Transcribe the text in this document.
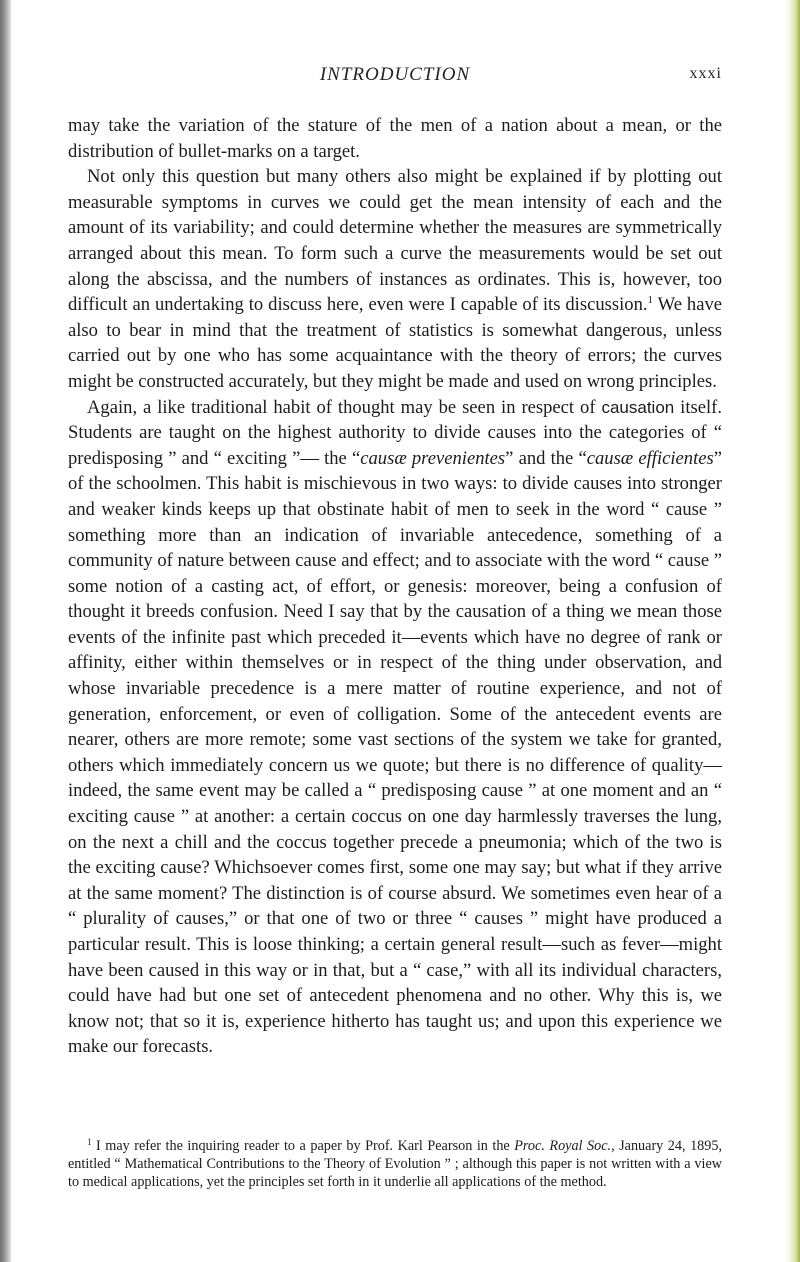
INTRODUCTION	xxxi

may take the variation of the stature of the men of a nation about a mean, or the distribution of bullet-marks on a target.

Not only this question but many others also might be explained if by plotting out measurable symptoms in curves we could get the mean intensity of each and the amount of its variability; and could determine whether the measures are symmetrically arranged about this mean. To form such a curve the measurements would be set out along the abscissa, and the numbers of instances as ordinates. This is, however, too difficult an undertaking to discuss here, even were I capable of its discussion.$^1$ We have also to bear in mind that the treatment of statistics is somewhat dangerous, unless carried out by one who has some acquaintance with the theory of errors; the curves might be constructed accurately, but they might be made and used on wrong principles.

Again, a like traditional habit of thought may be seen in respect of causation itself. Students are taught on the highest authority to divide causes into the categories of “ predisposing ” and “ exciting ”— the “causæ prevenientes” and the “causæ efficientes” of the schoolmen. This habit is mischievous in two ways: to divide causes into stronger and weaker kinds keeps up that obstinate habit of men to seek in the word “ cause ” something more than an indication of invariable antecedence, something of a community of nature between cause and effect; and to associate with the word “ cause ” some notion of a casting act, of effort, or genesis: moreover, being a confusion of thought it breeds confusion. Need I say that by the causation of a thing we mean those events of the infinite past which preceded it—events which have no degree of rank or affinity, either within themselves or in respect of the thing under observation, and whose invariable precedence is a mere matter of routine experience, and not of generation, enforcement, or even of colligation. Some of the antecedent events are nearer, others are more remote; some vast sections of the system we take for granted, others which immediately concern us we quote; but there is no difference of quality—indeed, the same event may be called a “ predisposing cause ” at one moment and an “ exciting cause ” at another: a certain coccus on one day harmlessly traverses the lung, on the next a chill and the coccus together precede a pneumonia; which of the two is the exciting cause? Whichsoever comes first, some one may say; but what if they arrive at the same moment? The distinction is of course absurd. We sometimes even hear of a “ plurality of causes,” or that one of two or three “ causes ” might have produced a particular result. This is loose thinking; a certain general result—such as fever—might have been caused in this way or in that, but a “ case,” with all its individual characters, could have had but one set of antecedent phenomena and no other. Why this is, we know not; that so it is, experience hitherto has taught us; and upon this experience we make our forecasts.

$^1$ I may refer the inquiring reader to a paper by Prof. Karl Pearson in the Proc. Royal Soc., January 24, 1895, entitled “ Mathematical Contributions to the Theory of Evolution ” ; although this paper is not written with a view to medical applications, yet the principles set forth in it underlie all applications of the method.
